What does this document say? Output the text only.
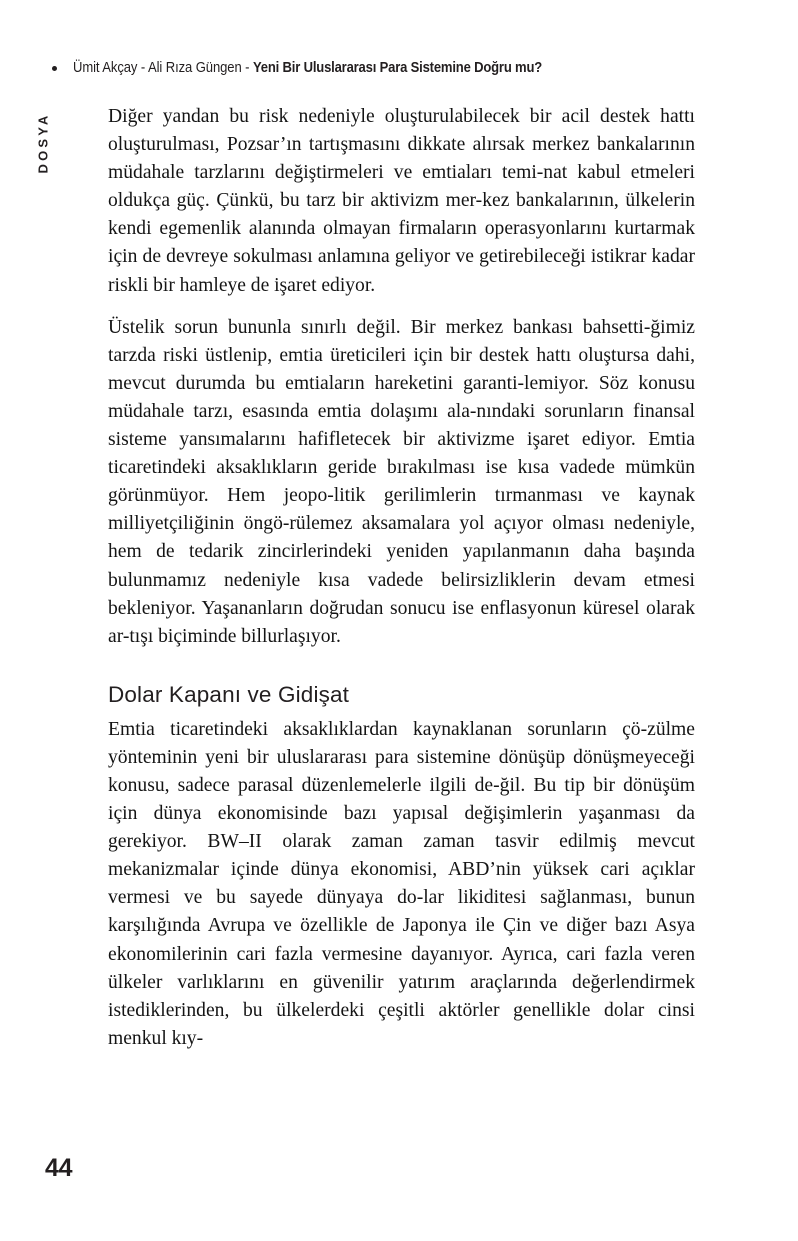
Ümit Akçay - Ali Rıza Güngen - Yeni Bir Uluslararası Para Sistemine Doğru mu?
DOSYA	Diğer yandan bu risk nedeniyle oluşturulabilecek bir acil destek hattı oluşturulması, Pozsar’ın tartışmasını dikkate alırsak merkez bankalarının müdahale tarzlarını değiştirmeleri ve emtiaları temi-nat kabul etmeleri oldukça güç. Çünkü, bu tarz bir aktivizm mer-kez bankalarının, ülkelerin kendi egemenlik alanında olmayan firmaların operasyonlarını kurtarmak için de devreye sokulması anlamına geliyor ve getirebileceği istikrar kadar riskli bir hamleye de işaret ediyor.

Üstelik sorun bununla sınırlı değil. Bir merkez bankası bahsetti-ğimiz tarzda riski üstlenip, emtia üreticileri için bir destek hattı oluştursa dahi, mevcut durumda bu emtiaların hareketini garanti-lemiyor. Söz konusu müdahale tarzı, esasında emtia dolaşımı ala-nındaki sorunların finansal sisteme yansımalarını hafifletecek bir aktivizme işaret ediyor. Emtia ticaretindeki aksaklıkların geride bırakılması ise kısa vadede mümkün görünmüyor. Hem jeopo-litik gerilimlerin tırmanması ve kaynak milliyetçiliğinin öngö-rülemez aksamalara yol açıyor olması nedeniyle, hem de tedarik zincirlerindeki yeniden yapılanmanın daha başında bulunmamız nedeniyle kısa vadede belirsizliklerin devam etmesi bekleniyor. Yaşananların doğrudan sonucu ise enflasyonun küresel olarak ar-tışı biçiminde billurlaşıyor.

Dolar Kapanı ve Gidişat

Emtia ticaretindeki aksaklıklardan kaynaklanan sorunların çö-zülme yönteminin yeni bir uluslararası para sistemine dönüşüp dönüşmeyeceği konusu, sadece parasal düzenlemelerle ilgili de-ğil. Bu tip bir dönüşüm için dünya ekonomisinde bazı yapısal değişimlerin yaşanması da gerekiyor. BW–II olarak zaman zaman tasvir edilmiş mevcut mekanizmalar içinde dünya ekonomisi, ABD’nin yüksek cari açıklar vermesi ve bu sayede dünyaya do-lar likiditesi sağlanması, bunun karşılığında Avrupa ve özellikle de Japonya ile Çin ve diğer bazı Asya ekonomilerinin cari fazla vermesine dayanıyor. Ayrıca, cari fazla veren ülkeler varlıklarını en güvenilir yatırım araçlarında değerlendirmek istediklerinden, bu ülkelerdeki çeşitli aktörler genellikle dolar cinsi menkul kıy-

44
